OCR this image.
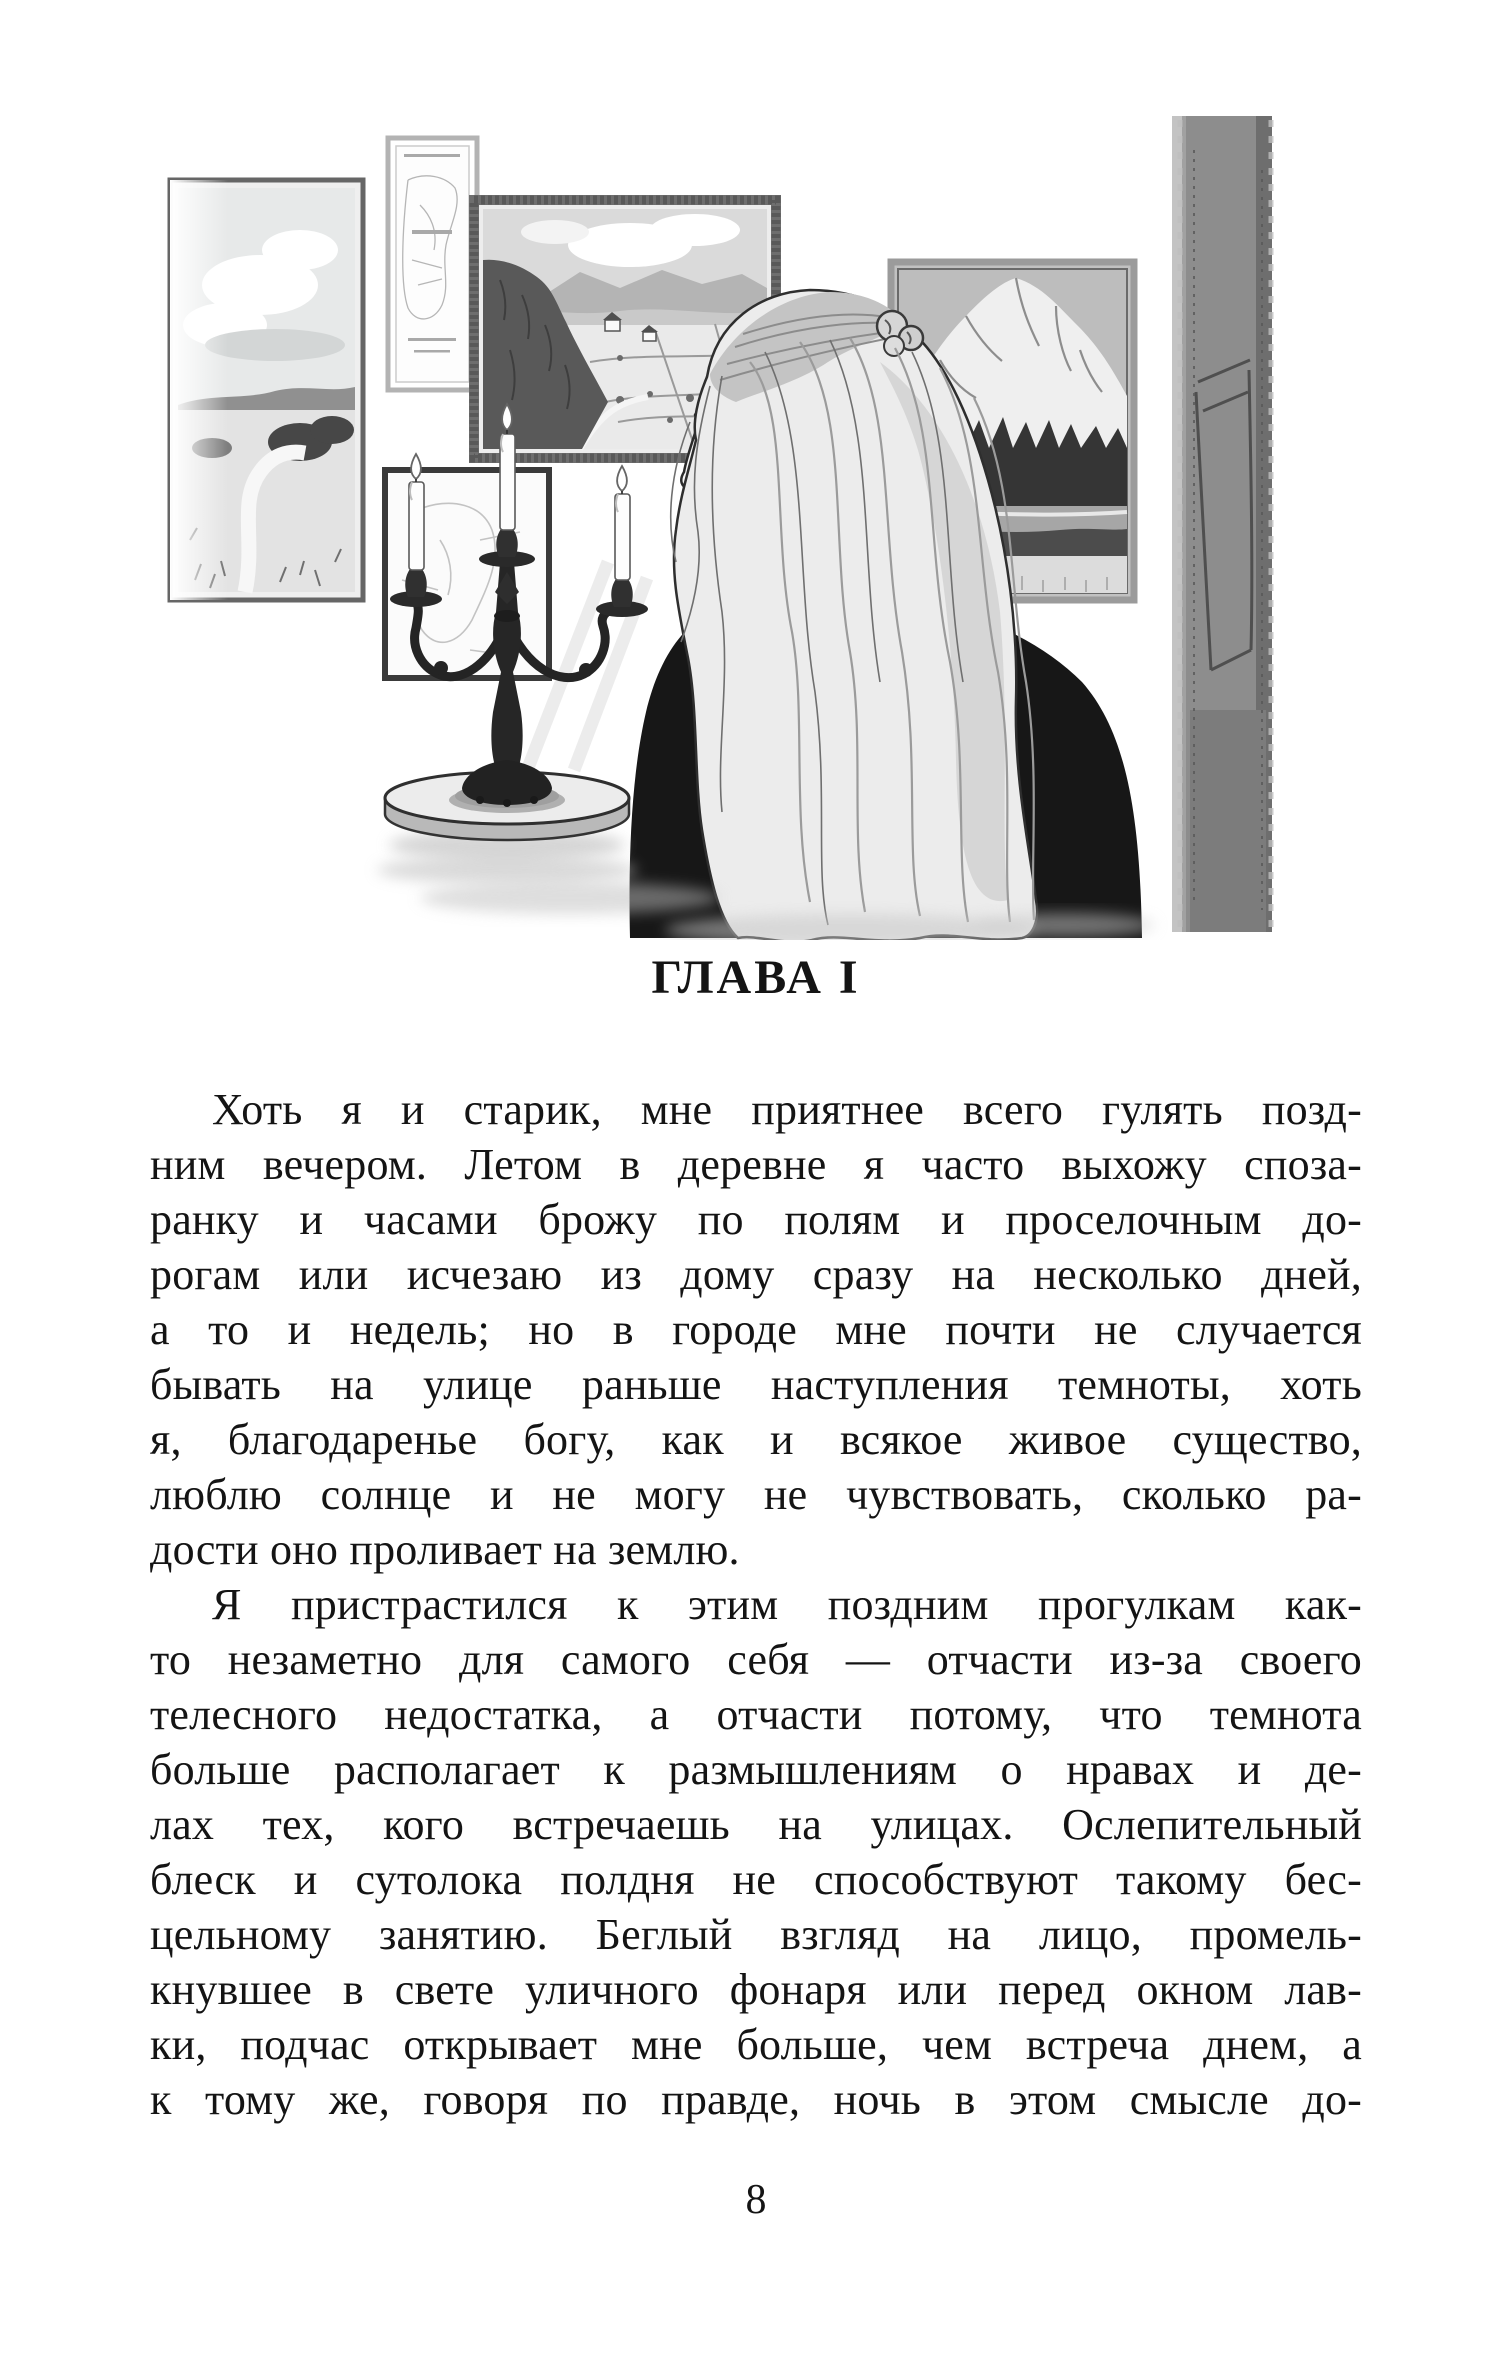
ГЛАВА I
Хоть я и старик, мне приятнее всего гулять позд-
ним вечером. Летом в деревне я часто выхожу споза-
ранку и часами брожу по полям и проселочным до-
рогам или исчезаю из дому сразу на несколько дней,
а то и недель; но в городе мне почти не случается
бывать на улице раньше наступления темноты, хоть
я, благодаренье богу, как и всякое живое существо,
люблю солнце и не могу не чувствовать, сколько ра-
дости оно проливает на землю.
Я пристрастился к этим поздним прогулкам как-
то незаметно для самого себя — отчасти из-за своего
телесного недостатка, а отчасти потому, что темнота
больше располагает к размышлениям о нравах и де-
лах тех, кого встречаешь на улицах. Ослепительный
блеск и сутолока полдня не способствуют такому бес-
цельному занятию. Беглый взгляд на лицо, промель-
кнувшее в свете уличного фонаря или перед окном лав-
ки, подчас открывает мне больше, чем встреча днем, а
к тому же, говоря по правде, ночь в этом смысле до-
8
